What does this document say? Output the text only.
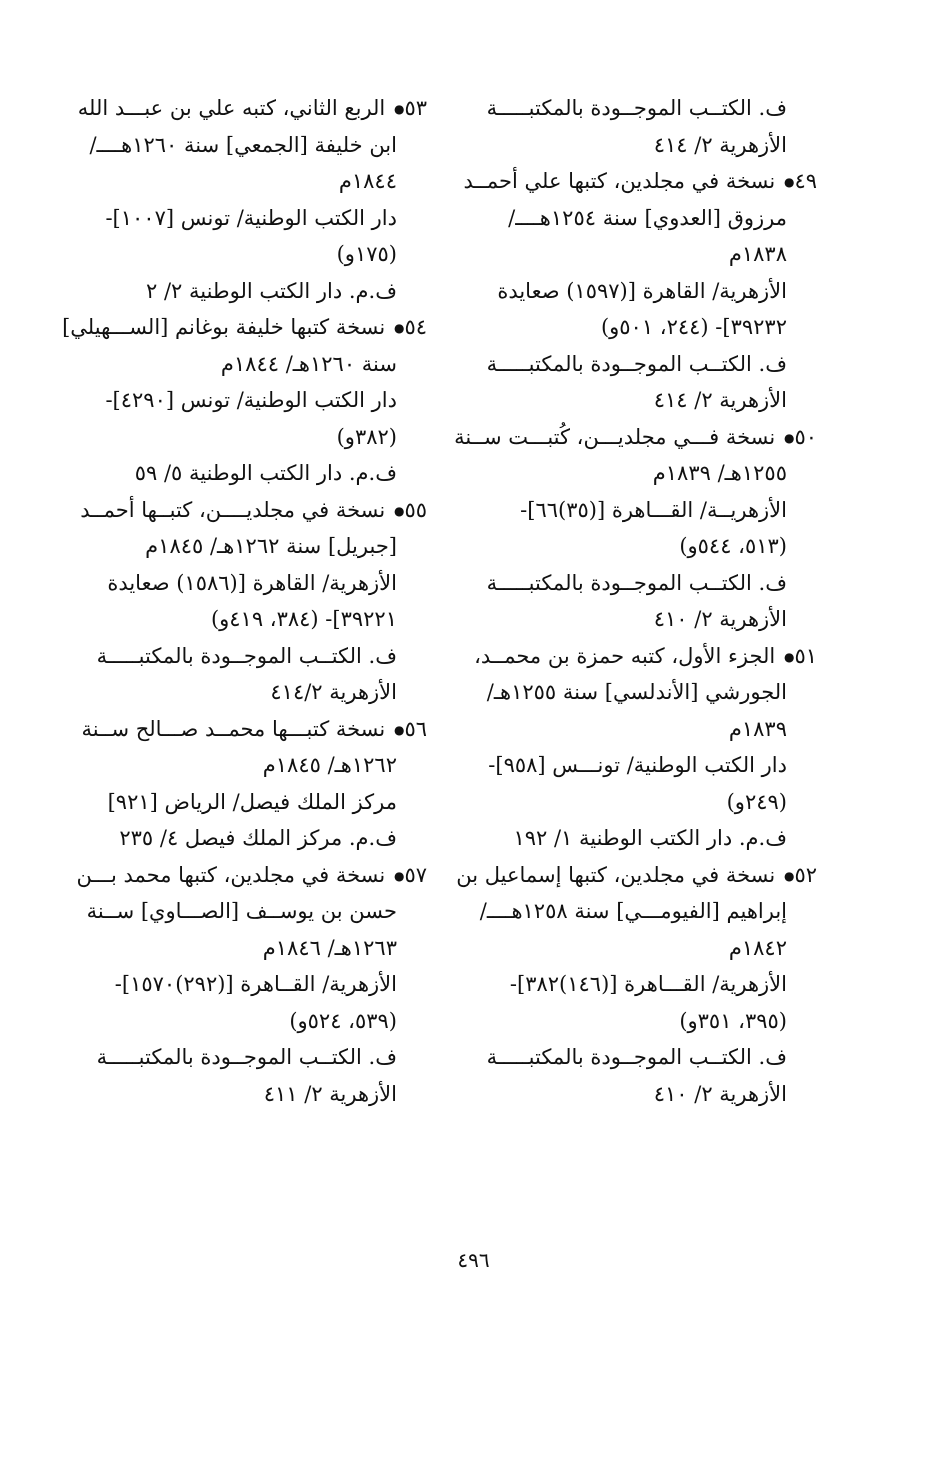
ف. الكتــب الموجــودة بالمكتبـــــة
الأزهرية ٢/ ٤١٤
٤٩● نسخة في مجلدين، كتبها علي أحمــد
مرزوق [العدوي] سنة ١٢٥٤هــــ/
١٨٣٨م
الأزهرية/ القاهرة [(١٥٩٧) صعايدة
٣٩٢٣٢]- (٢٤٤، ٥٠١و)
ف. الكتــب الموجــودة بالمكتبـــــة
الأزهرية ٢/ ٤١٤
٥٠● نسخة فـــي مجلديـــن، كُتبـــت ســنة
١٢٥٥هـ/ ١٨٣٩م
الأزهريــة/ القـــاهرة [(٣٥)٦٦]-
(٥١٣، ٥٤٤و)
ف. الكتــب الموجــودة بالمكتبـــــة
الأزهرية ٢/ ٤١٠
٥١● الجزء الأول، كتبه حمزة بن محمــد،
الجورشي [الأندلسي] سنة ١٢٥٥هـ/
١٨٣٩م
دار الكتب الوطنية/ تونـــس [٩٥٨]-
(٢٤٩و)
ف.م. دار الكتب الوطنية ١/ ١٩٢
٥٢● نسخة في مجلدين، كتبها إسماعيل بن
إبراهيم [الفيومـــي] سنة ١٢٥٨هــــ/
١٨٤٢م
الأزهرية/ القـــاهرة [(١٤٦)٣٨٢]-
(٣٩٥، ٣٥١و)
ف. الكتــب الموجــودة بالمكتبـــــة
الأزهرية ٢/ ٤١٠
٥٣● الربع الثاني، كتبه علي بن عبـــد الله
ابن خليفة [الجمعي] سنة ١٢٦٠هــــ/
١٨٤٤م
دار الكتب الوطنية/ تونس [١٠٠٧]-
(١٧٥و)
ف.م. دار الكتب الوطنية ٢/ ٢
٥٤● نسخة كتبها خليفة بوغانم [الســـهيلي]
سنة ١٢٦٠هـ/ ١٨٤٤م
دار الكتب الوطنية/ تونس [٤٢٩٠]-
(٣٨٢و)
ف.م. دار الكتب الوطنية ٥/ ٥٩
٥٥● نسخة في مجلديــــن، كتبــها أحمــد
[جبريل] سنة ١٢٦٢هـ/ ١٨٤٥م
الأزهرية/ القاهرة [(١٥٨٦) صعايدة
٣٩٢٢١]- (٣٨٤، ٤١٩و)
ف. الكتــب الموجــودة بالمكتبـــــة
الأزهرية ٤١٤/٢
٥٦● نسخة كتبـــها محمــد صـــالح ســنة
١٢٦٢هـ/ ١٨٤٥م
مركز الملك فيصل/ الرياض [٩٢١]
ف.م. مركز الملك فيصل ٤/ ٢٣٥
٥٧● نسخة في مجلدين، كتبها محمد بـــن
حسن بن يوســف [الصـــاوي] ســنة
١٢٦٣هـ/ ١٨٤٦م
الأزهرية/ القــاهرة [(٢٩٢)١٥٧٠]-
(٥٣٩، ٥٢٤و)
ف. الكتــب الموجــودة بالمكتبـــــة
الأزهرية ٢/ ٤١١
٤٩٦
